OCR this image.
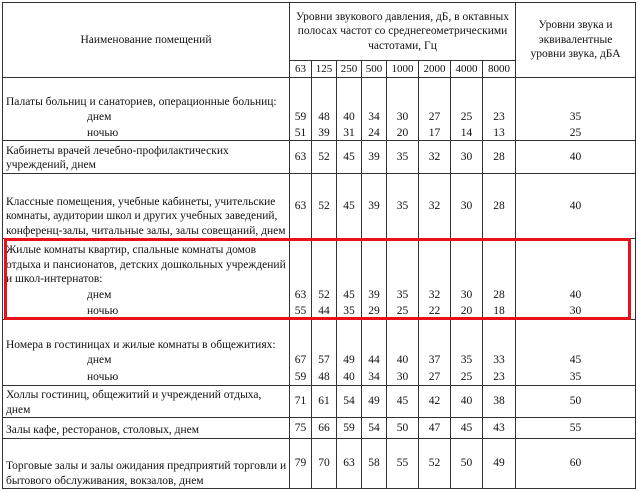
Наименование помещений	Уровни звукового давления, дБ, в октавных полосах частот со среднегеометрическими частотами, Гц								Уровни звука и эквивалентные уровни звука, дБА
	63	125	250	500	1000	2000	4000	8000	
Палаты больниц и санаториев, операционные больниц:									
днем	59	48	40	34	30	27	25	23	35
ночью	51	39	31	24	20	17	14	13	25
Кабинеты врачей лечебно-профилактических учреждений, днем	63	52	45	39	35	32	30	28	40
Классные помещения, учебные кабинеты, учительские комнаты, аудитории школ и других учебных заведений, конференц-залы, читальные залы, залы совещаний, днем	63	52	45	39	35	32	30	28	40
Жилые комнаты квартир, спальные комнаты домов отдыха и пансионатов, детских дошкольных учреждений и школ-интернатов:									
днем	63	52	45	39	35	32	30	28	40
ночью	55	44	35	29	25	22	20	18	30
Номера в гостиницах и жилые комнаты в общежитиях:									
днем	67	57	49	44	40	37	35	33	45
ночью	59	48	40	34	30	27	25	23	35
Холлы гостиниц, общежитий и учреждений отдыха, днем	71	61	54	49	45	42	40	38	50
Залы кафе, ресторанов, столовых, днем	75	66	59	54	50	47	45	43	55
Торговые залы и залы ожидания предприятий торговли и бытового обслуживания, вокзалов, днем	79	70	63	58	55	52	50	49	60
